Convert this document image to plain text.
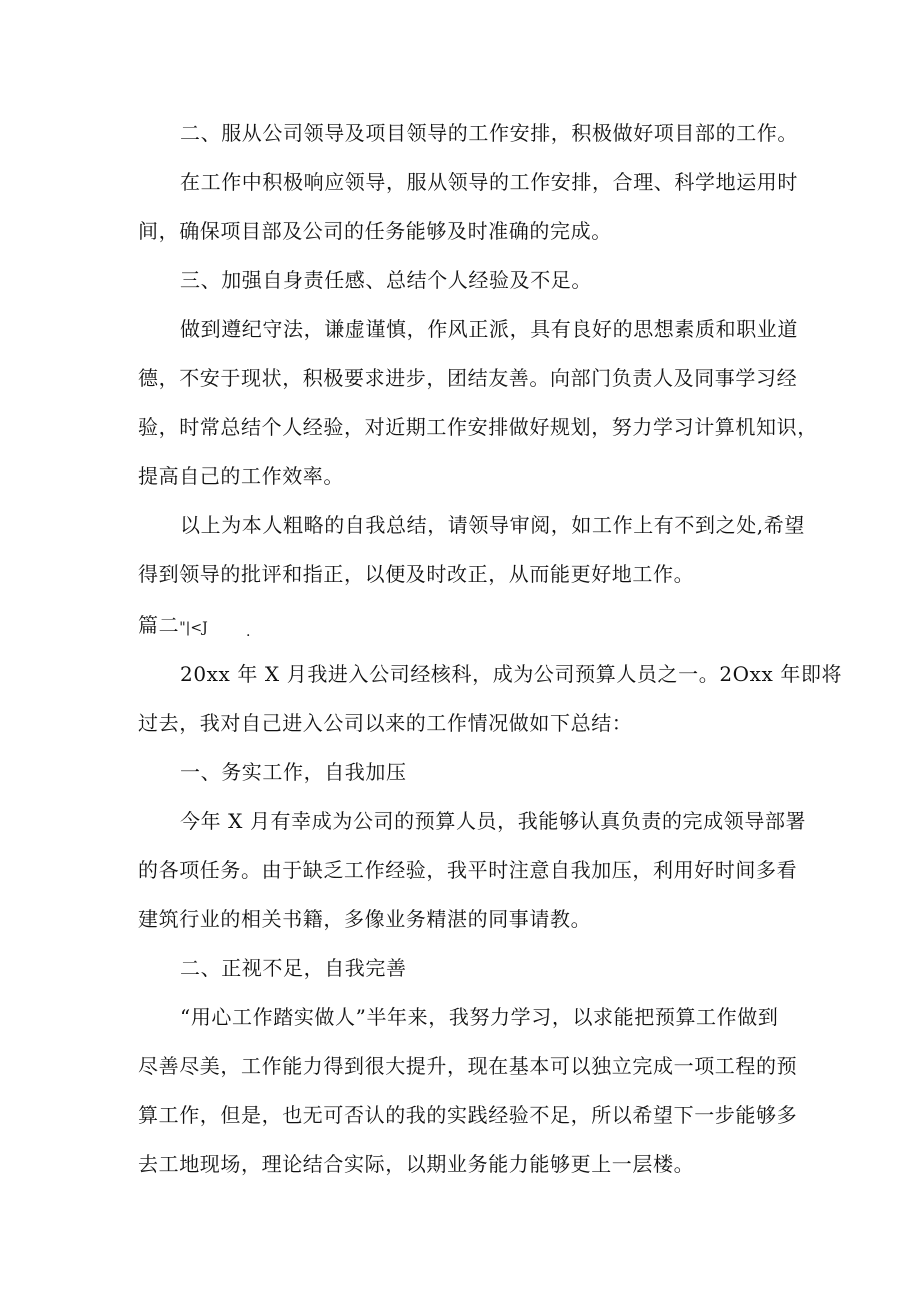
二、服从公司领导及项目领导的工作安排，积极做好项目部的工作。

在工作中积极响应领导，服从领导的工作安排，合理、科学地运用时

间，确保项目部及公司的任务能够及时准确的完成。

三、加强自身责任感、总结个人经验及不足。

做到遵纪守法，谦虚谨慎，作风正派，具有良好的思想素质和职业道

德，不安于现状，积极要求进步，团结友善。向部门负责人及同事学习经

验，时常总结个人经验，对近期工作安排做好规划，努力学习计算机知识，

提高自己的工作效率。

以上为本人粗略的自我总结，请领导审阅，如工作上有不到之处,希望

得到领导的批评和指正，以便及时改正，从而能更好地工作。

篇二"|<J	.

20xx 年 X 月我进入公司经核科，成为公司预算人员之一。2Oxx 年即将

过去，我对自己进入公司以来的工作情况做如下总结：

一、务实工作，自我加压

今年 X 月有幸成为公司的预算人员，我能够认真负责的完成领导部署

的各项任务。由于缺乏工作经验，我平时注意自我加压，利用好时间多看

建筑行业的相关书籍，多像业务精湛的同事请教。

二、正视不足，自我完善

“用心工作踏实做人”半年来，我努力学习，以求能把预算工作做到

尽善尽美，工作能力得到很大提升，现在基本可以独立完成一项工程的预

算工作，但是，也无可否认的我的实践经验不足，所以希望下一步能够多

去工地现场，理论结合实际，以期业务能力能够更上一层楼。
